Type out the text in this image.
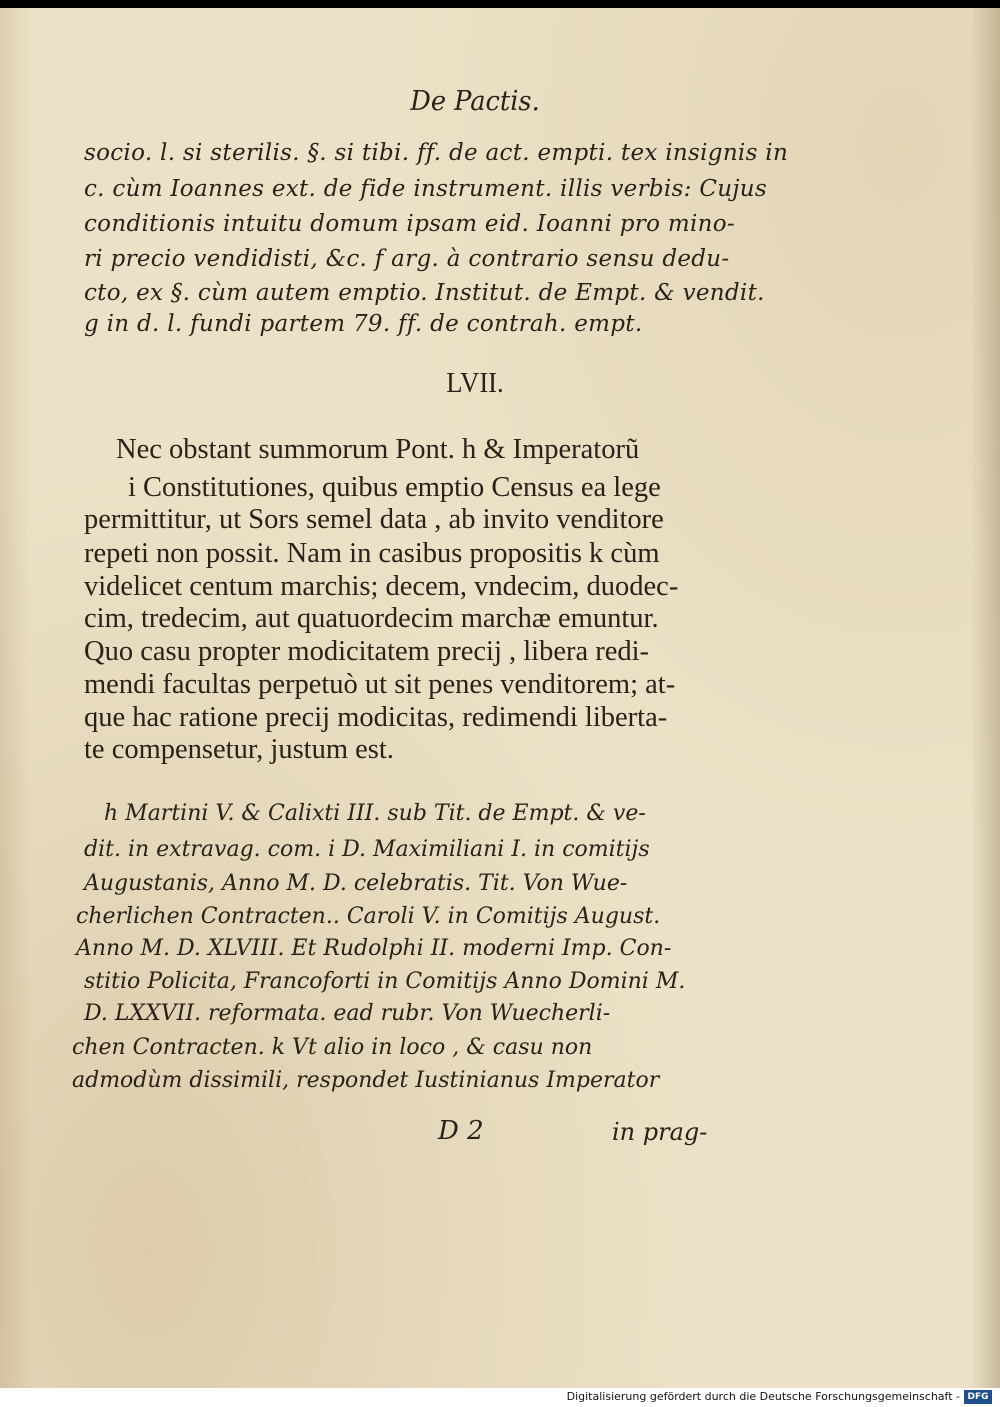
De Pactis.
socio. l. si sterilis. §. si tibi. ff. de act. empti. tex insignis in
c. cùm Ioannes ext. de fide instrument. illis verbis: Cujus
conditionis intuitu domum ipsam eid. Ioanni pro mino-
ri precio vendidisti, &c. f arg. à contrario sensu dedu-
cto, ex §. cùm autem emptio. Institut. de Empt. & vendit.
g in d. l. fundi partem 79. ff. de contrah. empt.
LVII.
Nec obstant summorum Pont. h & Imperatorũ
i Constitutiones, quibus emptio Census ea lege
permittitur, ut Sors semel data , ab invito venditore
repeti non possit. Nam in casibus propositis k cùm
videlicet centum marchis; decem, vndecim, duodec-
cim, tredecim, aut quatuordecim marchæ emuntur.
Quo casu propter modicitatem precij , libera redi-
mendi facultas perpetuò ut sit penes venditorem; at-
que hac ratione precij modicitas, redimendi liberta-
te compensetur, justum est.
h Martini V. & Calixti III. sub Tit. de Empt. & ve-
dit. in extravag. com. i D. Maximiliani I. in comitijs
Augustanis, Anno M. D. celebratis. Tit. Von Wue-
cherlichen Contracten.. Caroli V. in Comitijs August.
Anno M. D. XLVIII. Et Rudolphi II. moderni Imp. Con-
stitio Policita, Francoforti in Comitijs Anno Domini M.
D. LXXVII. reformata. ead rubr. Von Wuecherli-
chen Contracten. k Vt alio in loco , & casu non
admodùm dissimili, respondet Iustinianus Imperator
D 2	in prag-
Digitalisierung gefördert durch die Deutsche Forschungsgemeinschaft - DFG
